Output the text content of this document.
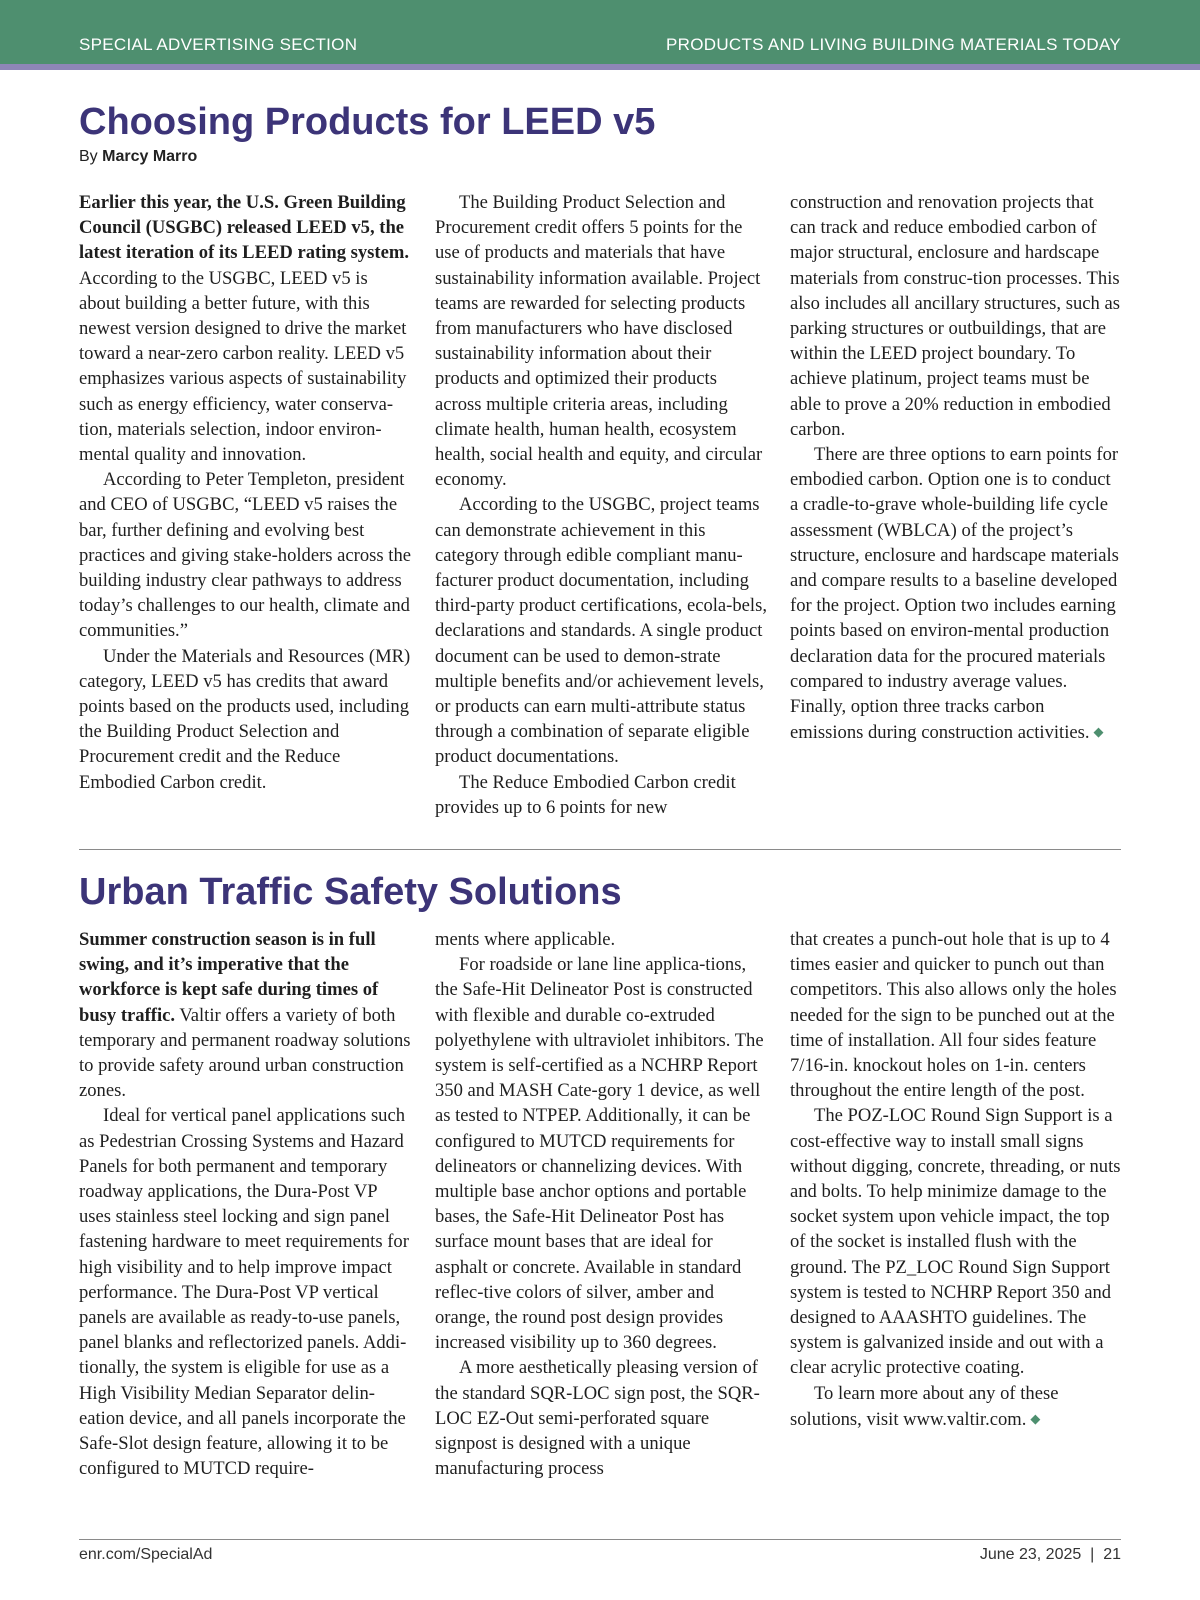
SPECIAL ADVERTISING SECTION	PRODUCTS AND LIVING BUILDING MATERIALS TODAY
Choosing Products for LEED v5
By Marcy Marro

Earlier this year, the U.S. Green Building Council (USGBC) released LEED v5, the latest iteration of its LEED rating system. According to the USGBC, LEED v5 is about building a better future, with this newest version designed to drive the market toward a near-zero carbon reality. LEED v5 emphasizes various aspects of sustainability such as energy efficiency, water conserva-tion, materials selection, indoor environ-mental quality and innovation.

According to Peter Templeton, president and CEO of USGBC, “LEED v5 raises the bar, further defining and evolving best practices and giving stake-holders across the building industry clear pathways to address today’s challenges to our health, climate and communities.”

Under the Materials and Resources (MR) category, LEED v5 has credits that award points based on the products used, including the Building Product Selection and Procurement credit and the Reduce Embodied Carbon credit.

The Building Product Selection and Procurement credit offers 5 points for the use of products and materials that have sustainability information available. Project teams are rewarded for selecting products from manufacturers who have disclosed sustainability information about their products and optimized their products across multiple criteria areas, including climate health, human health, ecosystem health, social health and equity, and circular economy.

According to the USGBC, project teams can demonstrate achievement in this category through edible compliant manu-facturer product documentation, including third-party product certifications, ecola-bels, declarations and standards. A single product document can be used to demon-strate multiple benefits and/or achievement levels, or products can earn multi-attribute status through a combination of separate eligible product documentations.

The Reduce Embodied Carbon credit provides up to 6 points for new

construction and renovation projects that can track and reduce embodied carbon of major structural, enclosure and hardscape materials from construc-tion processes. This also includes all ancillary structures, such as parking structures or outbuildings, that are within the LEED project boundary. To achieve platinum, project teams must be able to prove a 20% reduction in embodied carbon.

There are three options to earn points for embodied carbon. Option one is to conduct a cradle-to-grave whole-building life cycle assessment (WBLCA) of the project’s structure, enclosure and hardscape materials and compare results to a baseline developed for the project. Option two includes earning points based on environ-mental production declaration data for the procured materials compared to industry average values. Finally, option three tracks carbon emissions during construction activities. ◆

Urban Traffic Safety Solutions

Summer construction season is in full swing, and it’s imperative that the workforce is kept safe during times of busy traffic. Valtir offers a variety of both temporary and permanent roadway solutions to provide safety around urban construction zones.

Ideal for vertical panel applications such as Pedestrian Crossing Systems and Hazard Panels for both permanent and temporary roadway applications, the Dura-Post VP uses stainless steel locking and sign panel fastening hardware to meet requirements for high visibility and to help improve impact performance. The Dura-Post VP vertical panels are available as ready-to-use panels, panel blanks and reflectorized panels. Addi-tionally, the system is eligible for use as a High Visibility Median Separator delin-eation device, and all panels incorporate the Safe-Slot design feature, allowing it to be configured to MUTCD require-

ments where applicable.

For roadside or lane line applica-tions, the Safe-Hit Delineator Post is constructed with flexible and durable co-extruded polyethylene with ultraviolet inhibitors. The system is self-certified as a NCHRP Report 350 and MASH Cate-gory 1 device, as well as tested to NTPEP. Additionally, it can be configured to MUTCD requirements for delineators or channelizing devices. With multiple base anchor options and portable bases, the Safe-Hit Delineator Post has surface mount bases that are ideal for asphalt or concrete. Available in standard reflec-tive colors of silver, amber and orange, the round post design provides increased visibility up to 360 degrees.

A more aesthetically pleasing version of the standard SQR-LOC sign post, the SQR-LOC EZ-Out semi-perforated square signpost is designed with a unique manufacturing process

that creates a punch-out hole that is up to 4 times easier and quicker to punch out than competitors. This also allows only the holes needed for the sign to be punched out at the time of installation. All four sides feature 7/16-in. knockout holes on 1-in. centers throughout the entire length of the post.

The POZ-LOC Round Sign Support is a cost-effective way to install small signs without digging, concrete, threading, or nuts and bolts. To help minimize damage to the socket system upon vehicle impact, the top of the socket is installed flush with the ground. The PZ_LOC Round Sign Support system is tested to NCHRP Report 350 and designed to AAASHTO guidelines. The system is galvanized inside and out with a clear acrylic protective coating.

To learn more about any of these solutions, visit www.valtir.com. ◆

enr.com/SpecialAd	June 23, 2025  |  21
